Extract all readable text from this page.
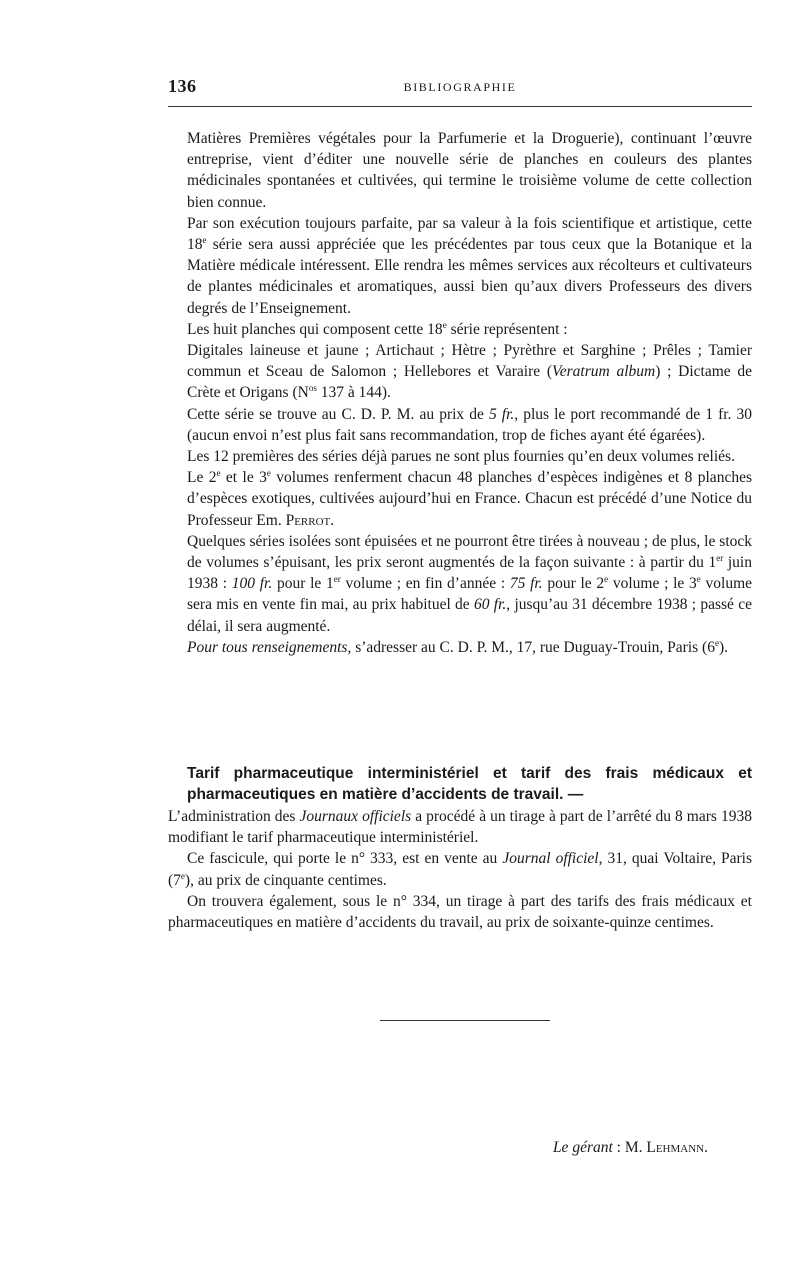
136	BIBLIOGRAPHIE

Matières Premières végétales pour la Parfumerie et la Droguerie), continuant l’œuvre entreprise, vient d’éditer une nouvelle série de planches en couleurs des plantes médicinales spontanées et cultivées, qui termine le troisième volume de cette collection bien connue.

Par son exécution toujours parfaite, par sa valeur à la fois scientifique et artistique, cette 18e série sera aussi appréciée que les précédentes par tous ceux que la Botanique et la Matière médicale intéressent. Elle rendra les mêmes services aux récolteurs et cultivateurs de plantes médicinales et aromatiques, aussi bien qu’aux divers Professeurs des divers degrés de l’Enseignement.

Les huit planches qui composent cette 18e série représentent :

Digitales laineuse et jaune ; Artichaut ; Hètre ; Pyrèthre et Sarghine ; Prêles ; Tamier commun et Sceau de Salomon ; Hellebores et Varaire (Veratrum album) ; Dictame de Crète et Origans ($N^{os}$ 137 à 144).

Cette série se trouve au C. D. P. M. au prix de 5 fr., plus le port recommandé de 1 fr. 30 (aucun envoi n’est plus fait sans recommandation, trop de fiches ayant été égarées).

Les 12 premières des séries déjà parues ne sont plus fournies qu’en deux volumes reliés.

Le 2e et le 3e volumes renferment chacun 48 planches d’espèces indigènes et 8 planches d’espèces exotiques, cultivées aujourd’hui en France. Chacun est précédé d’une Notice du Professeur Em. Perrot.

Quelques séries isolées sont épuisées et ne pourront être tirées à nouveau ; de plus, le stock de volumes s’épuisant, les prix seront augmentés de la façon suivante : à partir du 1er juin 1938 : 100 fr. pour le 1er volume ; en fin d’année : 75 fr. pour le 2e volume ; le 3e volume sera mis en vente fin mai, au prix habituel de 60 fr., jusqu’au 31 décembre 1938 ; passé ce délai, il sera augmenté.

Pour tous renseignements, s’adresser au C. D. P. M., 17, rue Duguay-Trouin, Paris (6e).

Tarif pharmaceutique interministériel et tarif des frais médicaux et pharmaceutiques en matière d’accidents de travail. —

L’administration des Journaux officiels a procédé à un tirage à part de l’arrêté du 8 mars 1938 modifiant le tarif pharmaceutique interministériel.

Ce fascicule, qui porte le n° 333, est en vente au Journal officiel, 31, quai Voltaire, Paris (7e), au prix de cinquante centimes.

On trouvera également, sous le n° 334, un tirage à part des tarifs des frais médicaux et pharmaceutiques en matière d’accidents du travail, au prix de soixante-quinze centimes.

Le gérant : M. Lehmann.
